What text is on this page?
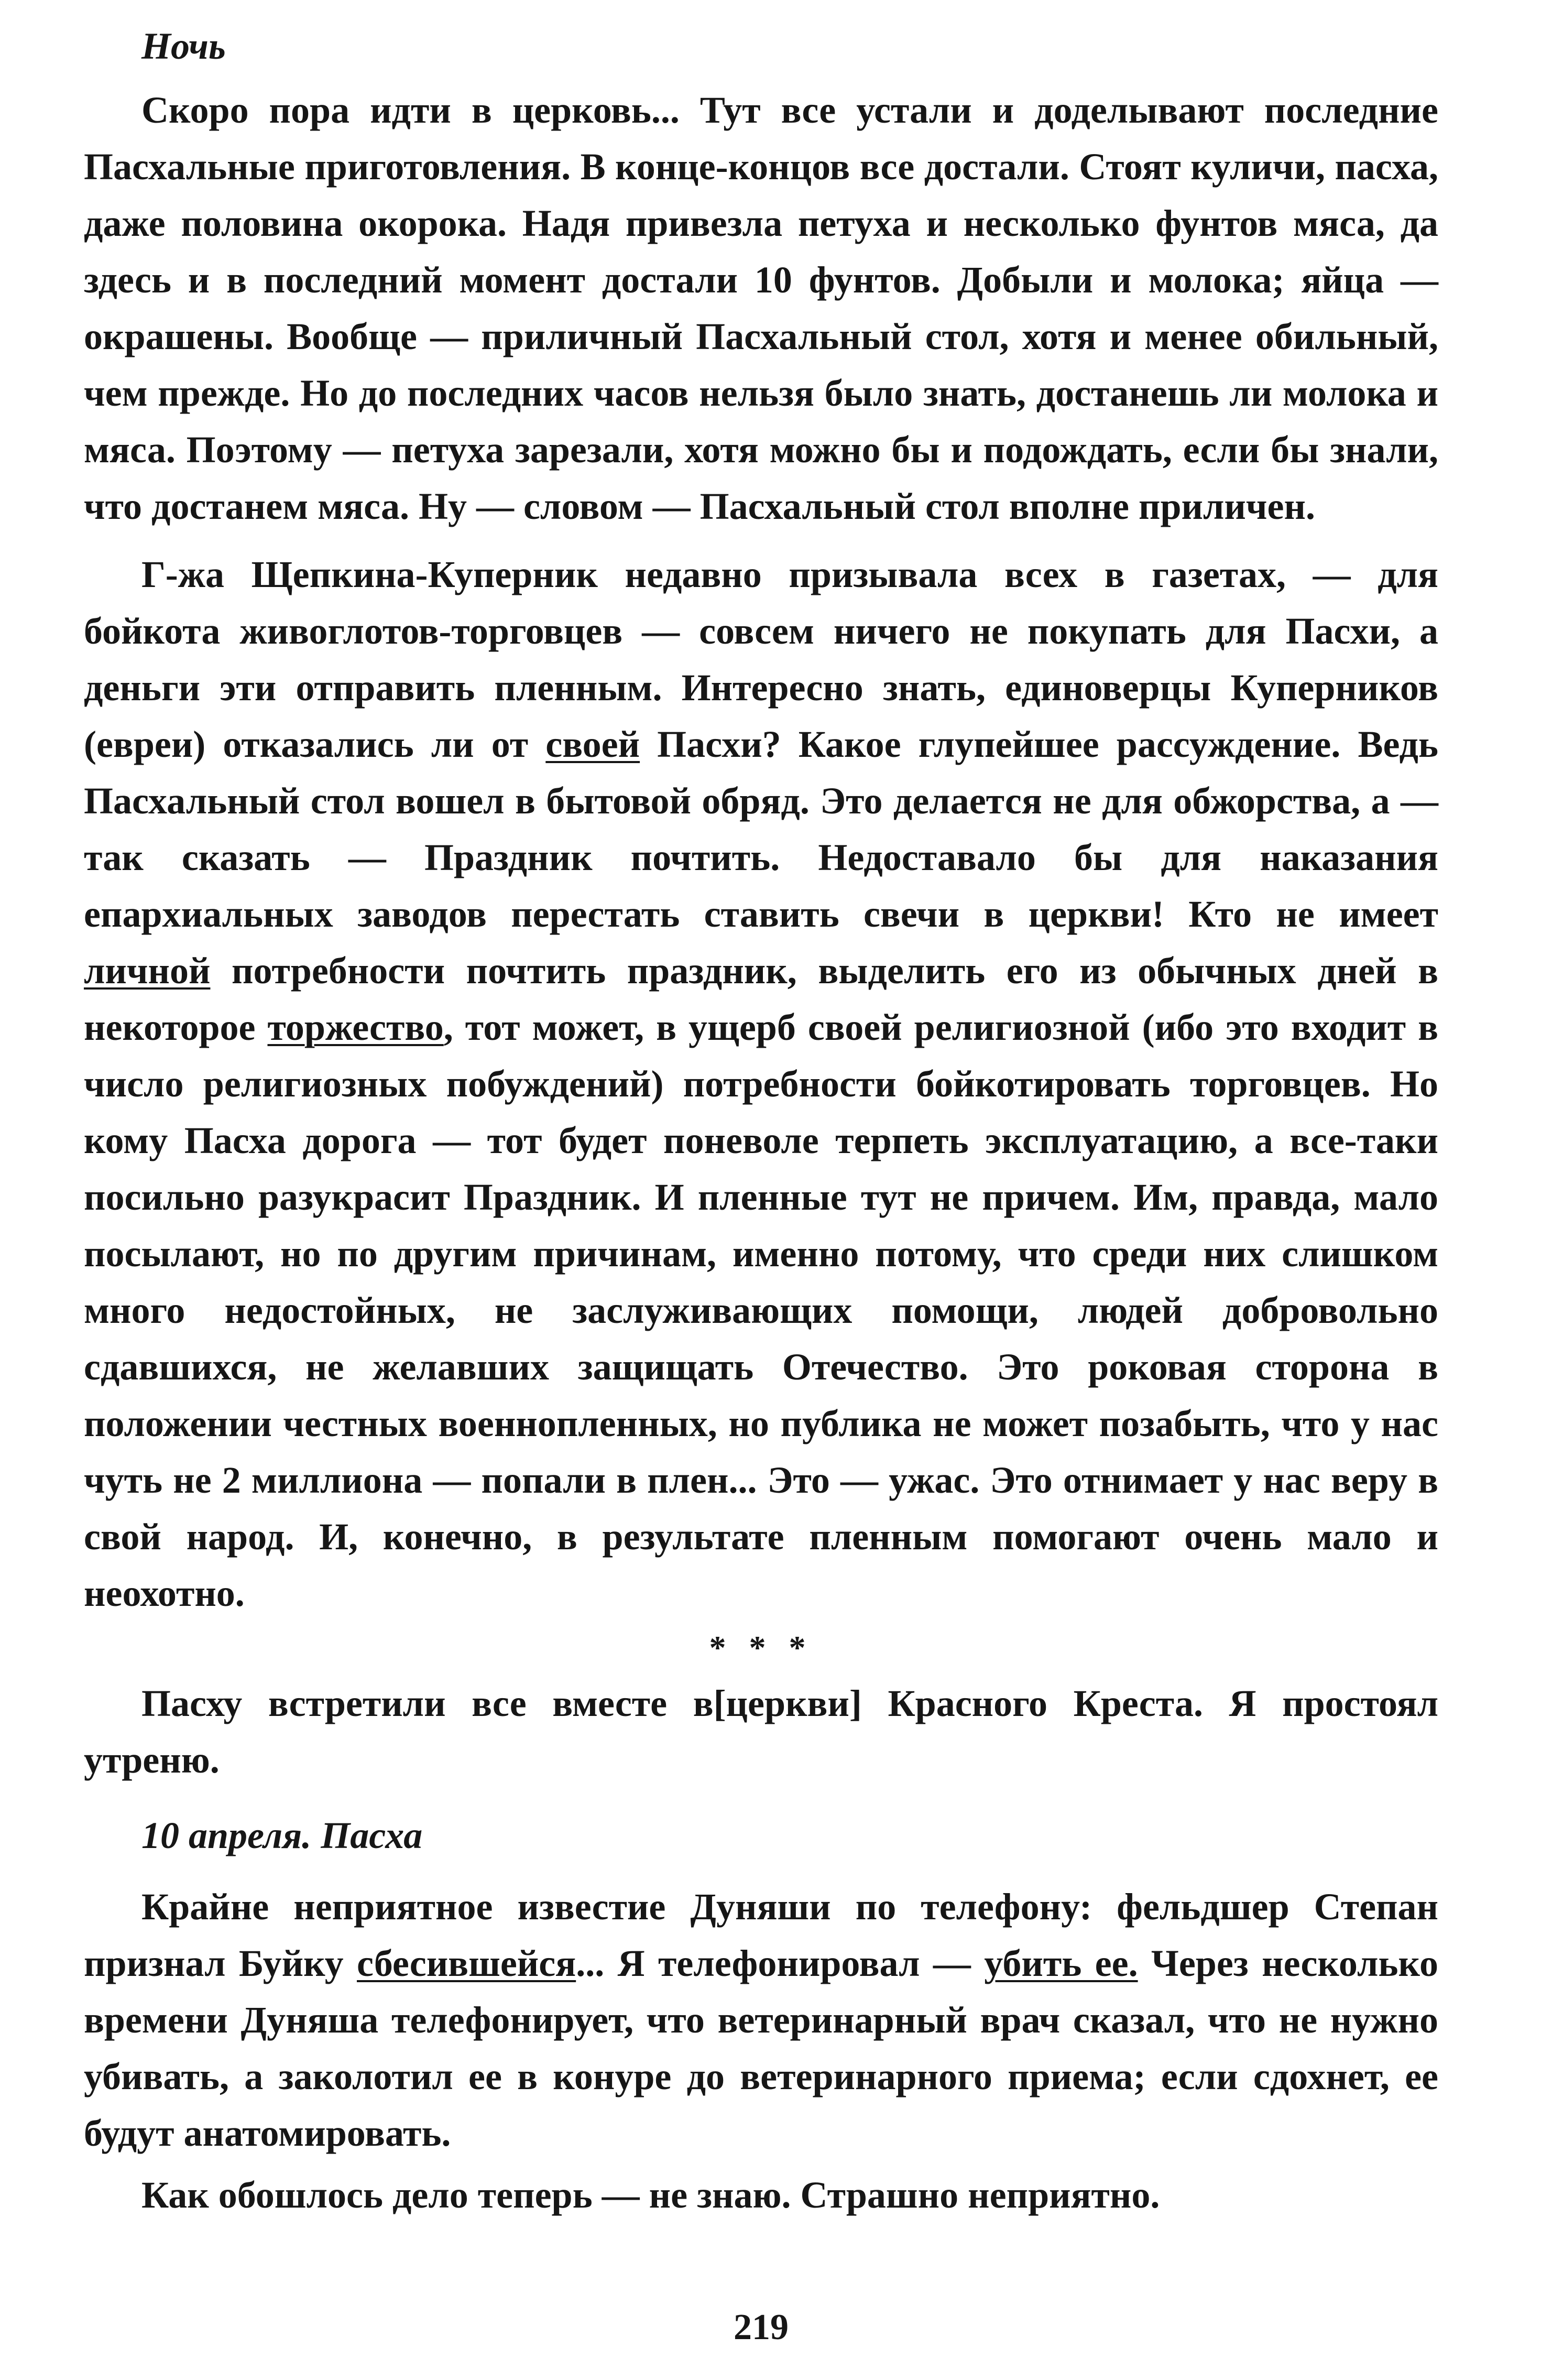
Ночь

Скоро пора идти в церковь... Тут все устали и доделывают последние Пасхальные приготовления. В конце-концов все достали. Стоят куличи, пасха, даже половина окорока. Надя привезла петуха и несколько фунтов мяса, да здесь и в последний момент достали 10 фунтов. Добыли и молока; яйца — окрашены. Вообще — приличный Пасхальный стол, хотя и менее обильный, чем прежде. Но до последних часов нельзя было знать, достанешь ли молока и мяса. Поэтому — петуха зарезали, хотя можно бы и подождать, если бы знали, что достанем мяса. Ну — словом — Пасхальный стол вполне приличен.

Г-жа Щепкина-Куперник недавно призывала всех в газетах, — для бойкота живоглотов-торговцев — совсем ничего не покупать для Пасхи, а деньги эти отправить пленным. Интересно знать, единоверцы Куперников (евреи) отказались ли от своей Пасхи? Какое глупейшее рассуждение. Ведь Пасхальный стол вошел в бытовой обряд. Это делается не для обжорства, а — так сказать — Праздник почтить. Недоставало бы для наказания епархиальных заводов перестать ставить свечи в церкви! Кто не имеет личной потребности почтить праздник, выделить его из обычных дней в некоторое торжество, тот может, в ущерб своей религиозной (ибо это входит в число религиозных побуждений) потребности бойкотировать торговцев. Но кому Пасха дорога — тот будет поневоле терпеть эксплуатацию, а все-таки посильно разукрасит Праздник. И пленные тут не причем. Им, правда, мало посылают, но по другим причинам, именно потому, что среди них слишком много недостойных, не заслуживающих помощи, людей добровольно сдавшихся, не желавших защищать Отечество. Это роковая сторона в положении честных военнопленных, но публика не может позабыть, что у нас чуть не 2 миллиона — попали в плен... Это — ужас. Это отнимает у нас веру в свой народ. И, конечно, в результате пленным помогают очень мало и неохотно.

* * *

Пасху встретили все вместе в[церкви] Красного Креста. Я простоял утреню.

10 апреля. Пасха

Крайне неприятное известие Дуняши по телефону: фельдшер Степан признал Буйку сбесившейся... Я телефонировал — убить ее. Через несколько времени Дуняша телефонирует, что ветеринарный врач сказал, что не нужно убивать, а заколотил ее в конуре до ветеринарного приема; если сдохнет, ее будут анатомировать.

Как обошлось дело теперь — не знаю. Страшно неприятно.

219
